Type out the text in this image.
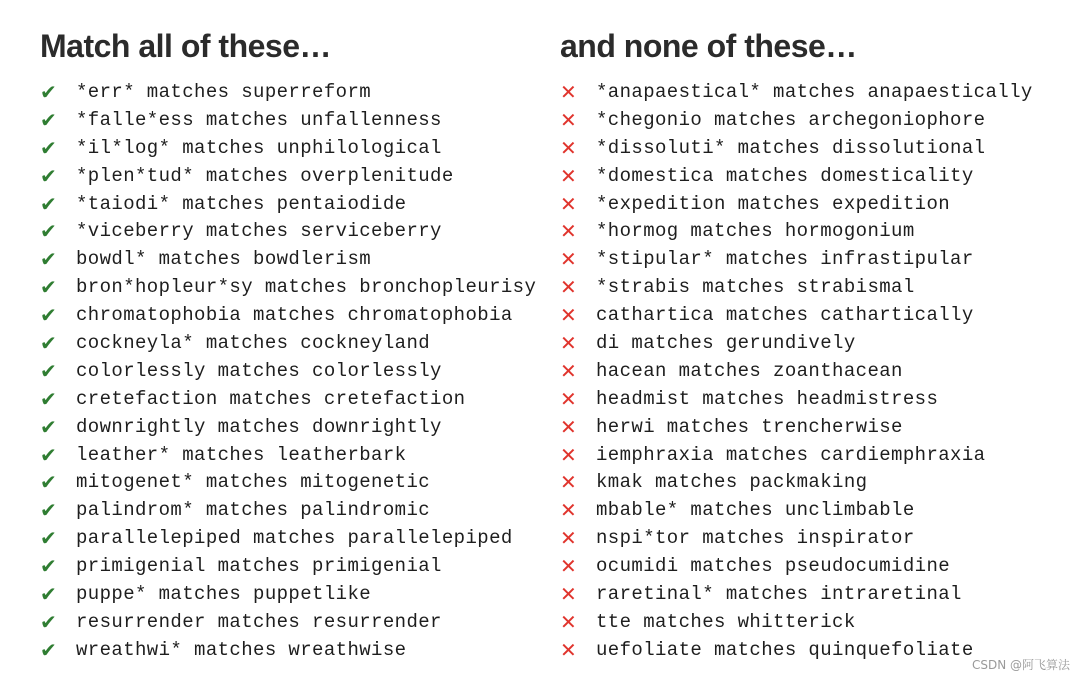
Match all of these…
✔	*err* matches superreform
✔	*falle*ess matches unfallenness
✔	*il*log* matches unphilological
✔	*plen*tud* matches overplenitude
✔	*taiodi* matches pentaiodide
✔	*viceberry matches serviceberry
✔	bowdl* matches bowdlerism
✔	bron*hopleur*sy matches bronchopleurisy
✔	chromatophobia matches chromatophobia
✔	cockneyla* matches cockneyland
✔	colorlessly matches colorlessly
✔	cretefaction matches cretefaction
✔	downrightly matches downrightly
✔	leather* matches leatherbark
✔	mitogenet* matches mitogenetic
✔	palindrom* matches palindromic
✔	parallelepiped matches parallelepiped
✔	primigenial matches primigenial
✔	puppe* matches puppetlike
✔	resurrender matches resurrender
✔	wreathwi* matches wreathwise
and none of these…
✕	*anapaestical* matches anapaestically
✕	*chegonio matches archegoniophore
✕	*dissoluti* matches dissolutional
✕	*domestica matches domesticality
✕	*expedition matches expedition
✕	*hormog matches hormogonium
✕	*stipular* matches infrastipular
✕	*strabis matches strabismal
✕	cathartica matches cathartically
✕	di matches gerundively
✕	hacean matches zoanthacean
✕	headmist matches headmistress
✕	herwi matches trencherwise
✕	iemphraxia matches cardiemphraxia
✕	kmak matches packmaking
✕	mbable* matches unclimbable
✕	nspi*tor matches inspirator
✕	ocumidi matches pseudocumidine
✕	raretinal* matches intraretinal
✕	tte matches whitterick
✕	uefoliate matches quinquefoliate
CSDN @阿飞算法
